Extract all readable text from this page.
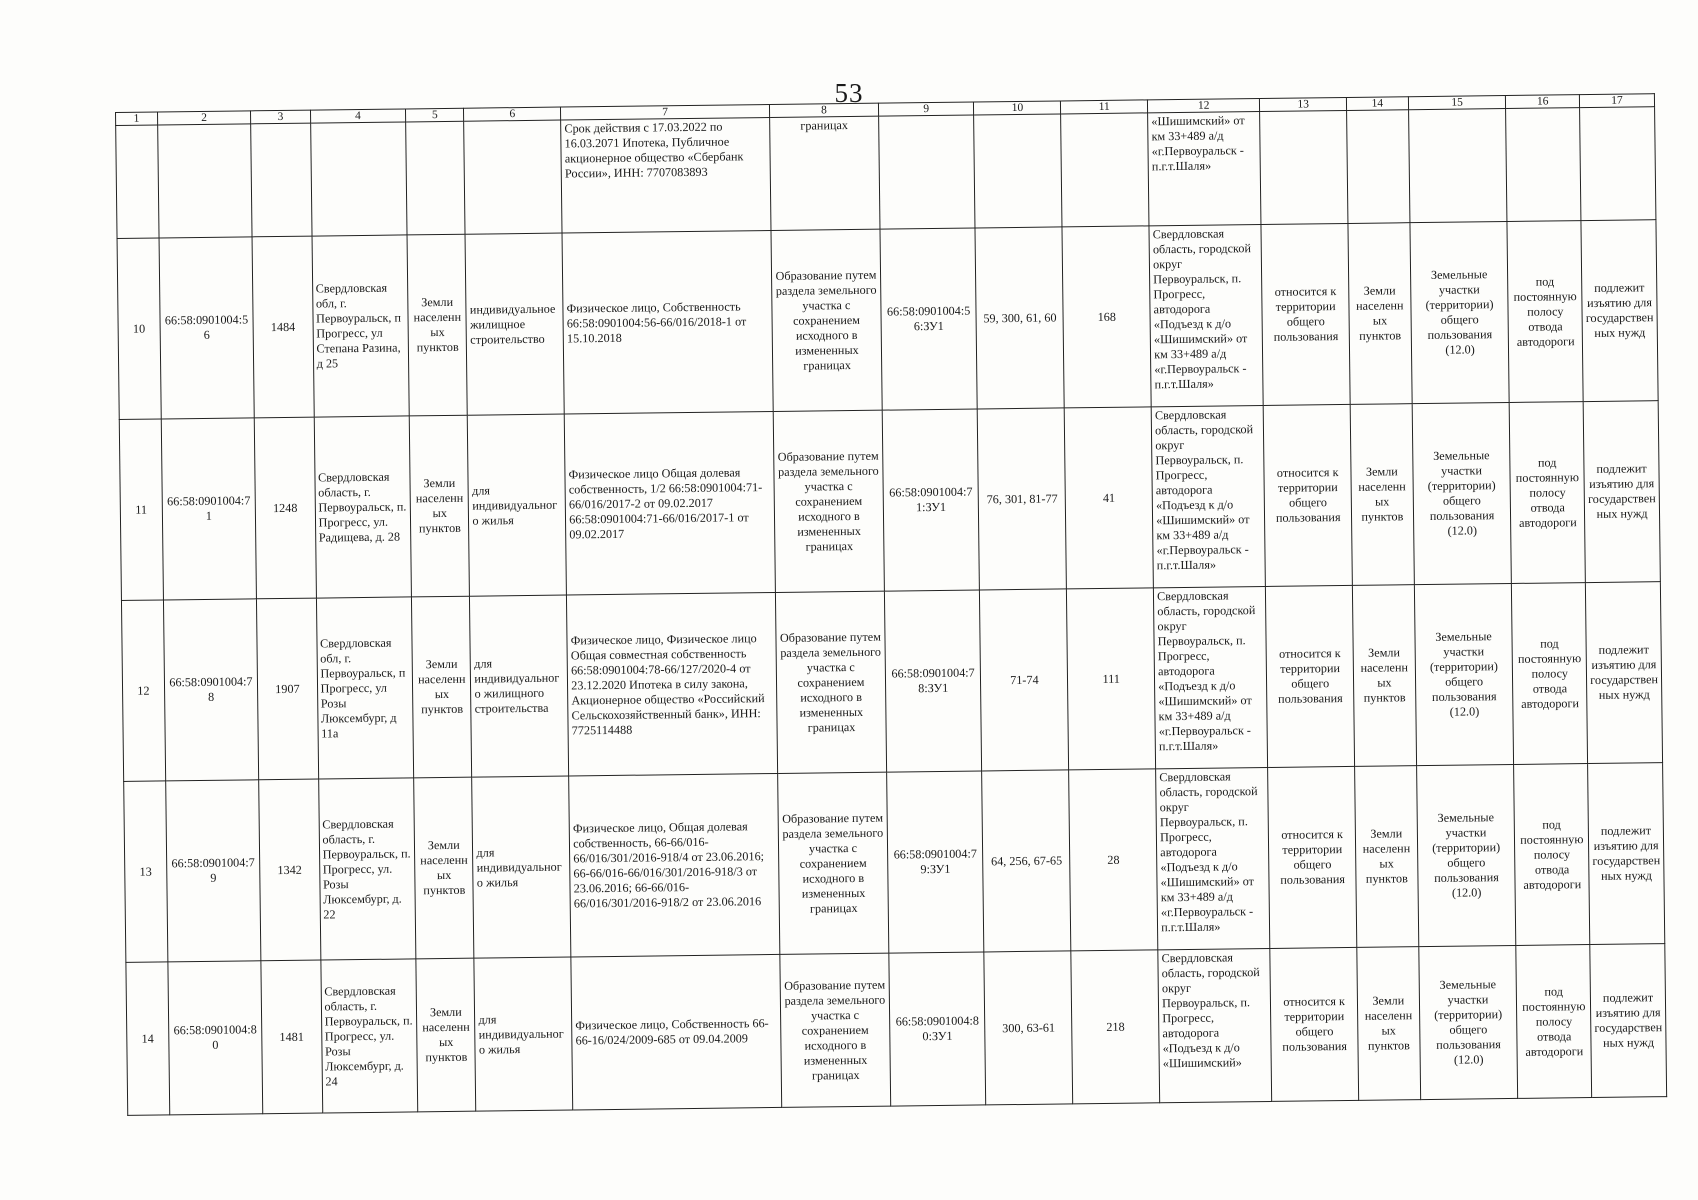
53
1	2	3	4	5	6	7	8	9	10	11	12	13	14	15	16	17
						Срок действия с 17.03.2022 по 16.03.2071 Ипотека, Публичное акционерное общество «Сбербанк России», ИНН: 7707083893	границах				«Шишимский» от км 33+489 а/д «г.Первоуральск - п.г.т.Шаля»					
10	66:58:0901004:56	1484	Свердловская обл, г. Первоуральск, п Прогресс, ул Степана Разина, д 25	Земли населенных пунктов	индивидуальное жилищное строительство	Физическое лицо, Собственность 66:58:0901004:56-66/016/2018-1 от 15.10.2018	Образование путем раздела земельного участка с сохранением исходного в измененных границах	66:58:0901004:56:ЗУ1	59, 300, 61, 60	168	Свердловская область, городской округ Первоуральск, п. Прогресс, автодорога «Подъезд к д/о «Шишимский» от км 33+489 а/д «г.Первоуральск - п.г.т.Шаля»	относится к территории общего пользования	Земли населенных пунктов	Земельные участки (территории) общего пользования (12.0)	под постоянную полосу отвода автодороги	подлежит изъятию для государственных нужд
11	66:58:0901004:71	1248	Свердловская область, г. Первоуральск, п. Прогресс, ул. Радищева, д. 28	Земли населенных пунктов	для индивидуального жилья	Физическое лицо Общая долевая собственность, 1/2 66:58:0901004:71-66/016/2017-2 от 09.02.2017 66:58:0901004:71-66/016/2017-1 от 09.02.2017	Образование путем раздела земельного участка с сохранением исходного в измененных границах	66:58:0901004:71:ЗУ1	76, 301, 81-77	41	Свердловская область, городской округ Первоуральск, п. Прогресс, автодорога «Подъезд к д/о «Шишимский» от км 33+489 а/д «г.Первоуральск - п.г.т.Шаля»	относится к территории общего пользования	Земли населенных пунктов	Земельные участки (территории) общего пользования (12.0)	под постоянную полосу отвода автодороги	подлежит изъятию для государственных нужд
12	66:58:0901004:78	1907	Свердловская обл, г. Первоуральск, п Прогресс, ул Розы Люксембург, д 11а	Земли населенных пунктов	для индивидуального жилищного строительства	Физическое лицо, Физическое лицо Общая совместная собственность 66:58:0901004:78-66/127/2020-4 от 23.12.2020 Ипотека в силу закона, Акционерное общество «Российский Сельскохозяйственный банк», ИНН: 7725114488	Образование путем раздела земельного участка с сохранением исходного в измененных границах	66:58:0901004:78:ЗУ1	71-74	111	Свердловская область, городской округ Первоуральск, п. Прогресс, автодорога «Подъезд к д/о «Шишимский» от км 33+489 а/д «г.Первоуральск - п.г.т.Шаля»	относится к территории общего пользования	Земли населенных пунктов	Земельные участки (территории) общего пользования (12.0)	под постоянную полосу отвода автодороги	подлежит изъятию для государственных нужд
13	66:58:0901004:79	1342	Свердловская область, г. Первоуральск, п. Прогресс, ул. Розы Люксембург, д. 22	Земли населенных пунктов	для индивидуального жилья	Физическое лицо, Общая долевая собственность, 66-66/016-66/016/301/2016-918/4 от 23.06.2016; 66-66/016-66/016/301/2016-918/3 от 23.06.2016; 66-66/016-66/016/301/2016-918/2 от 23.06.2016	Образование путем раздела земельного участка с сохранением исходного в измененных границах	66:58:0901004:79:ЗУ1	64, 256, 67-65	28	Свердловская область, городской округ Первоуральск, п. Прогресс, автодорога «Подъезд к д/о «Шишимский» от км 33+489 а/д «г.Первоуральск - п.г.т.Шаля»	относится к территории общего пользования	Земли населенных пунктов	Земельные участки (территории) общего пользования (12.0)	под постоянную полосу отвода автодороги	подлежит изъятию для государственных нужд
14	66:58:0901004:80	1481	Свердловская область, г. Первоуральск, п. Прогресс, ул. Розы Люксембург, д. 24	Земли населенных пунктов	для индивидуального жилья	Физическое лицо, Собственность 66-66-16/024/2009-685 от 09.04.2009	Образование путем раздела земельного участка с сохранением исходного в измененных границах	66:58:0901004:80:ЗУ1	300, 63-61	218	Свердловская область, городской округ Первоуральск, п. Прогресс, автодорога «Подъезд к д/о «Шишимский»	относится к территории общего пользования	Земли населенных пунктов	Земельные участки (территории) общего пользования (12.0)	под постоянную полосу отвода автодороги	подлежит изъятию для государственных нужд
